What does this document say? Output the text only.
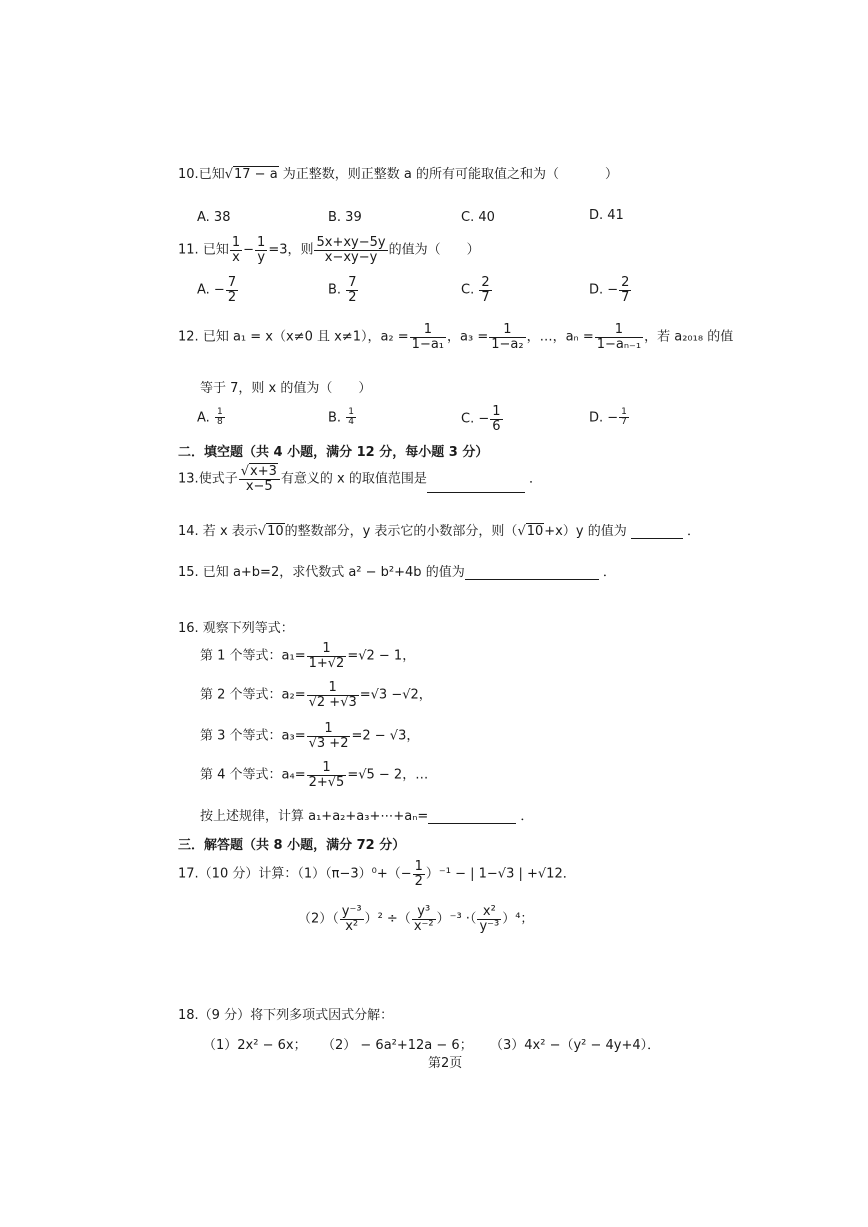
10.已知√17 − a 为正整数，则正整数 a 的所有可能取值之和为（	）
A. 38	B. 39	C. 40	D. 41
11. 已知 $\frac{1}{x} - \frac{1}{y} =3$，则 $\frac{5x+xy-5y}{x-xy-y}$ 的值为（　　）
A. − $\frac{7}{2}$	B. $\frac{7}{2}$	C. $\frac{2}{7}$	D. − $\frac{2}{7}$
12. 已知 a₁ = x（x≠0 且 x≠1），$a_2 = \frac{1}{\text{1−a₁}}$ ，$a_3 = \frac{1}{\text{1−a₂}}$ ，…，$a_n = \frac{1}{\text{1−aₙ₋₁}}$ ，若 a₂₀₁₈ 的值
等于 7，则 x 的值为（　　）
A. $\frac{1}{8}$	B. $\frac{1}{4}$	C. − $\frac{1}{6}$	D. − $\frac{1}{7}$
二．填空题（共 4 小题，满分 12 分，每小题 3 分）
13.使式子 $\frac{√x+3}{x-5}$ 有意义的 x 的取值范围是	．
14. 若 x 表示√10的整数部分，y 表示它的小数部分，则（√10+x）y 的值为	．
15. 已知 a+b=2，求代数式 a² − b²+4b 的值为	．
16. 观察下列等式：
第 1 个等式：$a_1= \frac{1}{1+√2} =√2 - 1$，
第 2 个等式：$a_2= \frac{1}{√2 +√3} =√3 -√2$，
第 3 个等式：$a_3= \frac{1}{√3 +2} =2 - √3$，
第 4 个等式：$a_4= \frac{1}{2+√5} =√5 - 2$，…
按上述规律，计算 a₁+a₂+a₃+⋯+aₙ=	．
三．解答题（共 8 小题，满分 72 分）
17.（10 分）计算：$(1)(\pi-3)^0+(- \frac{1}{2} )^{-1}$ − | 1−√3 | +√12．
$(2)( \frac{\text{y⁻³}}{\text{x²}} )^2$ ÷（ $\frac{\text{y³}}{\text{x⁻²}} )^{-3}$ ·（ $\frac{\text{x²}}{\text{y⁻³}} )^4$；
18.（9 分）将下列多项式因式分解：
（1）2x² − 6x； （2） − 6a²+12a − 6； （3）4x² −（y² − 4y+4）．
第2页
